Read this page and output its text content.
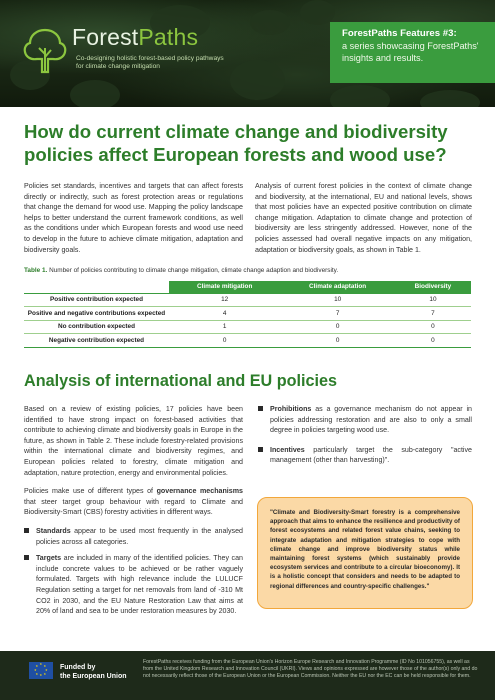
ForestPaths
Co-designing holistic forest-based policy pathways for climate change mitigation
ForestPaths Features #3:
a series showcasing ForestPaths' insights and results.
How do current climate change and biodiversity policies affect European forests and wood use?
Policies set standards, incentives and targets that can affect forests directly or indirectly, such as forest protection areas or regulations that change the demand for wood use. Mapping the policy landscape helps to better understand the current framework conditions, as well as the conditions under which European forests and wood use need to develop in the future to achieve climate mitigation, adaptation and biodiversity goals.
Analysis of current forest policies in the context of climate change and biodiversity, at the international, EU and national levels, shows that most policies have an expected positive contribution on climate change mitigation. Adaptation to climate change and protection of biodiversity are less stringently addressed. However, none of the policies assessed had overall negative impacts on any mitigation, adaptation or biodiversity goals, as shown in Table 1.
Table 1. Number of policies contributing to climate change mitigation, climate change adaption and biodiversity.
	Climate mitigation	Climate adaptation	Biodiversity
Positive contribution expected	12	10	10
Positive and negative contributions expected	4	7	7
No contribution expected	1	0	0
Negative contribution expected	0	0	0
Analysis of international and EU policies
Based on a review of existing policies, 17 policies have been identified to have strong impact on forest-based activities that contribute to achieving climate and biodiversity goals in Europe in the future, as shown in Table 2. These include forestry-related provisions within the international climate and biodiversity regimes, and European policies related to forestry, climate mitigation and adaptation, nature protection, energy and environmental policies.
Policies make use of different types of governance mechanisms that steer target group behaviour with regard to Climate and Biodiversity-Smart (CBS) forestry activities in different ways.
Standards appear to be used most frequently in the analysed policies across all categories.
Targets are included in many of the identified policies. They can include concrete values to be achieved or be rather vaguely formulated. Targets with high relevance include the LULUCF Regulation setting a target for net removals from land of -310 Mt CO2 in 2030, and the EU Nature Restoration Law that aims at 20% of land and sea to be under restoration measures by 2030.
Prohibitions as a governance mechanism do not appear in policies addressing restoration and are also to only a small degree in policies targeting wood use.
Incentives particularly target the sub-category "active management (other than harvesting)".
"Climate and Biodiversity-Smart forestry is a comprehensive approach that aims to enhance the resilience and productivity of forest ecosystems and related forest value chains, seeking to integrate adaptation and mitigation strategies to cope with climate change and improve biodiversity status while maintaining forest systems (which sustainably provide ecosystem services and contribute to a circular bioeconomy). It is a holistic concept that considers and needs to be adapted to regional differences and country-specific challenges."
★ ★
★
★
★
★
★
★	Funded by
the European Union
ForestPaths receives funding from the European Union's Horizon Europe Research and Innovation Programme (ID No 101056755), as well as from the United Kingdom Research and Innovation Council (UKRI). Views and opinions expressed are however those of the author(s) only and do not necessarily reflect those of the European Union or the European Commission. Neither the EU nor the EC can be held responsible for them.
